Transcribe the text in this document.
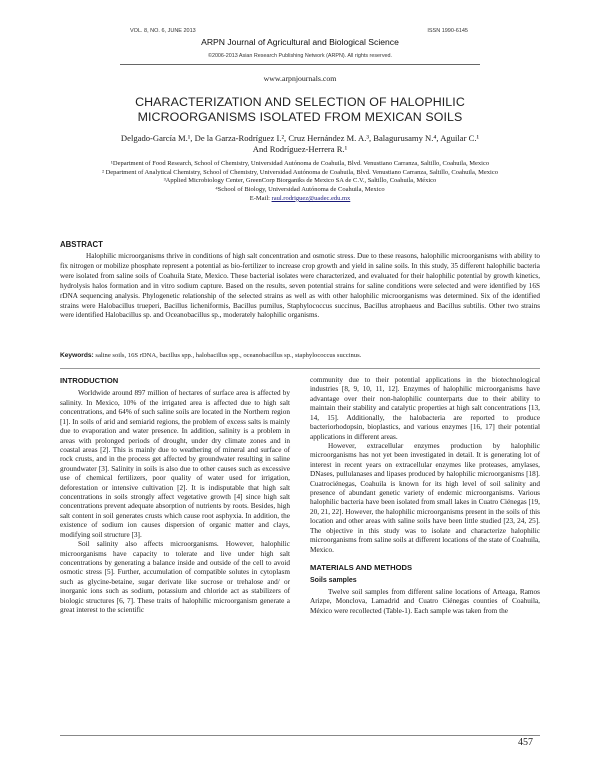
VOL. 8, NO. 6, JUNE 2013	ISSN 1990-6145
ARPN Journal of Agricultural and Biological Science
©2006-2013 Asian Research Publishing Network (ARPN). All rights reserved.
www.arpnjournals.com
CHARACTERIZATION AND SELECTION OF HALOPHILIC
MICROORGANISMS ISOLATED FROM MEXICAN SOILS
Delgado-García M.¹, De la Garza-Rodríguez I.², Cruz Hernández M. A.³, Balagurusamy N.⁴, Aguilar C.¹
And Rodríguez-Herrera R.¹

¹Department of Food Research, School of Chemistry, Universidad Autónoma de Coahuila, Blvd. Venustiano Carranza, Saltillo, Coahuila, Mexico

² Department of Analytical Chemistry, School of Chemistry, Universidad Autónoma de Coahuila, Blvd. Venustiano Carranza, Saltillo, Coahuila, Mexico

³Applied Microbiology Center, GreenCorp Biorganiks de Mexico SA de C.V., Saltillo, Coahuila, México

⁴School of Biology, Universidad Autónoma de Coahuila, Mexico

E-Mail: raul.rodriguez@uadec.edu.mx

ABSTRACT

Halophilic microorganisms thrive in conditions of high salt concentration and osmotic stress. Due to these reasons, halophilic microorganisms with ability to fix nitrogen or mobilize phosphate represent a potential as bio-fertilizer to increase crop growth and yield in saline soils. In this study, 35 different halophilic bacteria were isolated from saline soils of Coahuila State, Mexico. These bacterial isolates were characterized, and evaluated for their halophilic potential by growth kinetics, hydrolysis halos formation and in vitro sodium capture. Based on the results, seven potential strains for saline conditions were selected and were identified by 16S rDNA sequencing analysis. Phylogenetic relationship of the selected strains as well as with other halophilic microorganisms was determined. Six of the identified strains were Halobacillus trueperi, Bacillus licheniformis, Bacillus pumilus, Staphylococcus succinus, Bacillus atrophaeus and Bacillus subtilis. Other two strains were identified Halobacillus sp. and Oceanobacillus sp., moderately halophilic organisms.

Keywords: saline soils, 16S rDNA, bacillus spp., halobacillus spp., oceanobacillus sp., staphylococcus succinus.
INTRODUCTION

Worldwide around 897 million of hectares of surface area is affected by salinity. In Mexico, 10% of the irrigated area is affected due to high salt concentrations, and 64% of such saline soils are located in the Northern region [1]. In soils of arid and semiarid regions, the problem of excess salts is mainly due to evaporation and water presence. In addition, salinity is a problem in areas with prolonged periods of drought, under dry climate zones and in coastal areas [2]. This is mainly due to weathering of mineral and surface of rock crusts, and in the process get affected by groundwater resulting in saline groundwater [3]. Salinity in soils is also due to other causes such as excessive use of chemical fertilizers, poor quality of water used for irrigation, deforestation or intensive cultivation [2]. It is indisputable that high salt concentrations in soils strongly affect vegetative growth [4] since high salt concentrations prevent adequate absorption of nutrients by roots. Besides, high salt content in soil generates crusts which cause root asphyxia. In addition, the existence of sodium ion causes dispersion of organic matter and clays, modifying soil structure [3].

Soil salinity also affects microorganisms. However, halophilic microorganisms have capacity to tolerate and live under high salt concentrations by generating a balance inside and outside of the cell to avoid osmotic stress [5]. Further, accumulation of compatible solutes in cytoplasm such as glycine-betaine, sugar derivate like sucrose or trehalose and/ or inorganic ions such as sodium, potassium and chloride act as stabilizers of biologic structures [6, 7]. These traits of halophilic microorganism generate a great interest to the scientific

community due to their potential applications in the biotechnological industries [8, 9, 10, 11, 12]. Enzymes of halophilic microorganisms have advantage over their non-halophilic counterparts due to their ability to maintain their stability and catalytic properties at high salt concentrations [13, 14, 15]. Additionally, the halobacteria are reported to produce bacteriorhodopsin, bioplastics, and various enzymes [16, 17] their potential applications in different areas.

However, extracellular enzymes production by halophilic microorganisms has not yet been investigated in detail. It is generating lot of interest in recent years on extracellular enzymes like proteases, amylases, DNases, pullulanases and lipases produced by halophilic microorganisms [18]. Cuatrociénegas, Coahuila is known for its high level of soil salinity and presence of abundant genetic variety of endemic microorganisms. Various halophilic bacteria have been isolated from small lakes in Cuatro Ciénegas [19, 20, 21, 22]. However, the halophilic microorganisms present in the soils of this location and other areas with saline soils have been little studied [23, 24, 25]. The objective in this study was to isolate and characterize halophilic microorganisms from saline soils at different locations of the state of Coahuila, Mexico.

MATERIALS AND METHODS
Soils samples

Twelve soil samples from different saline locations of Arteaga, Ramos Arizpe, Monclova, Lamadrid and Cuatro Ciénegas counties of Coahuila, México were recollected (Table-1). Each sample was taken from the

457
